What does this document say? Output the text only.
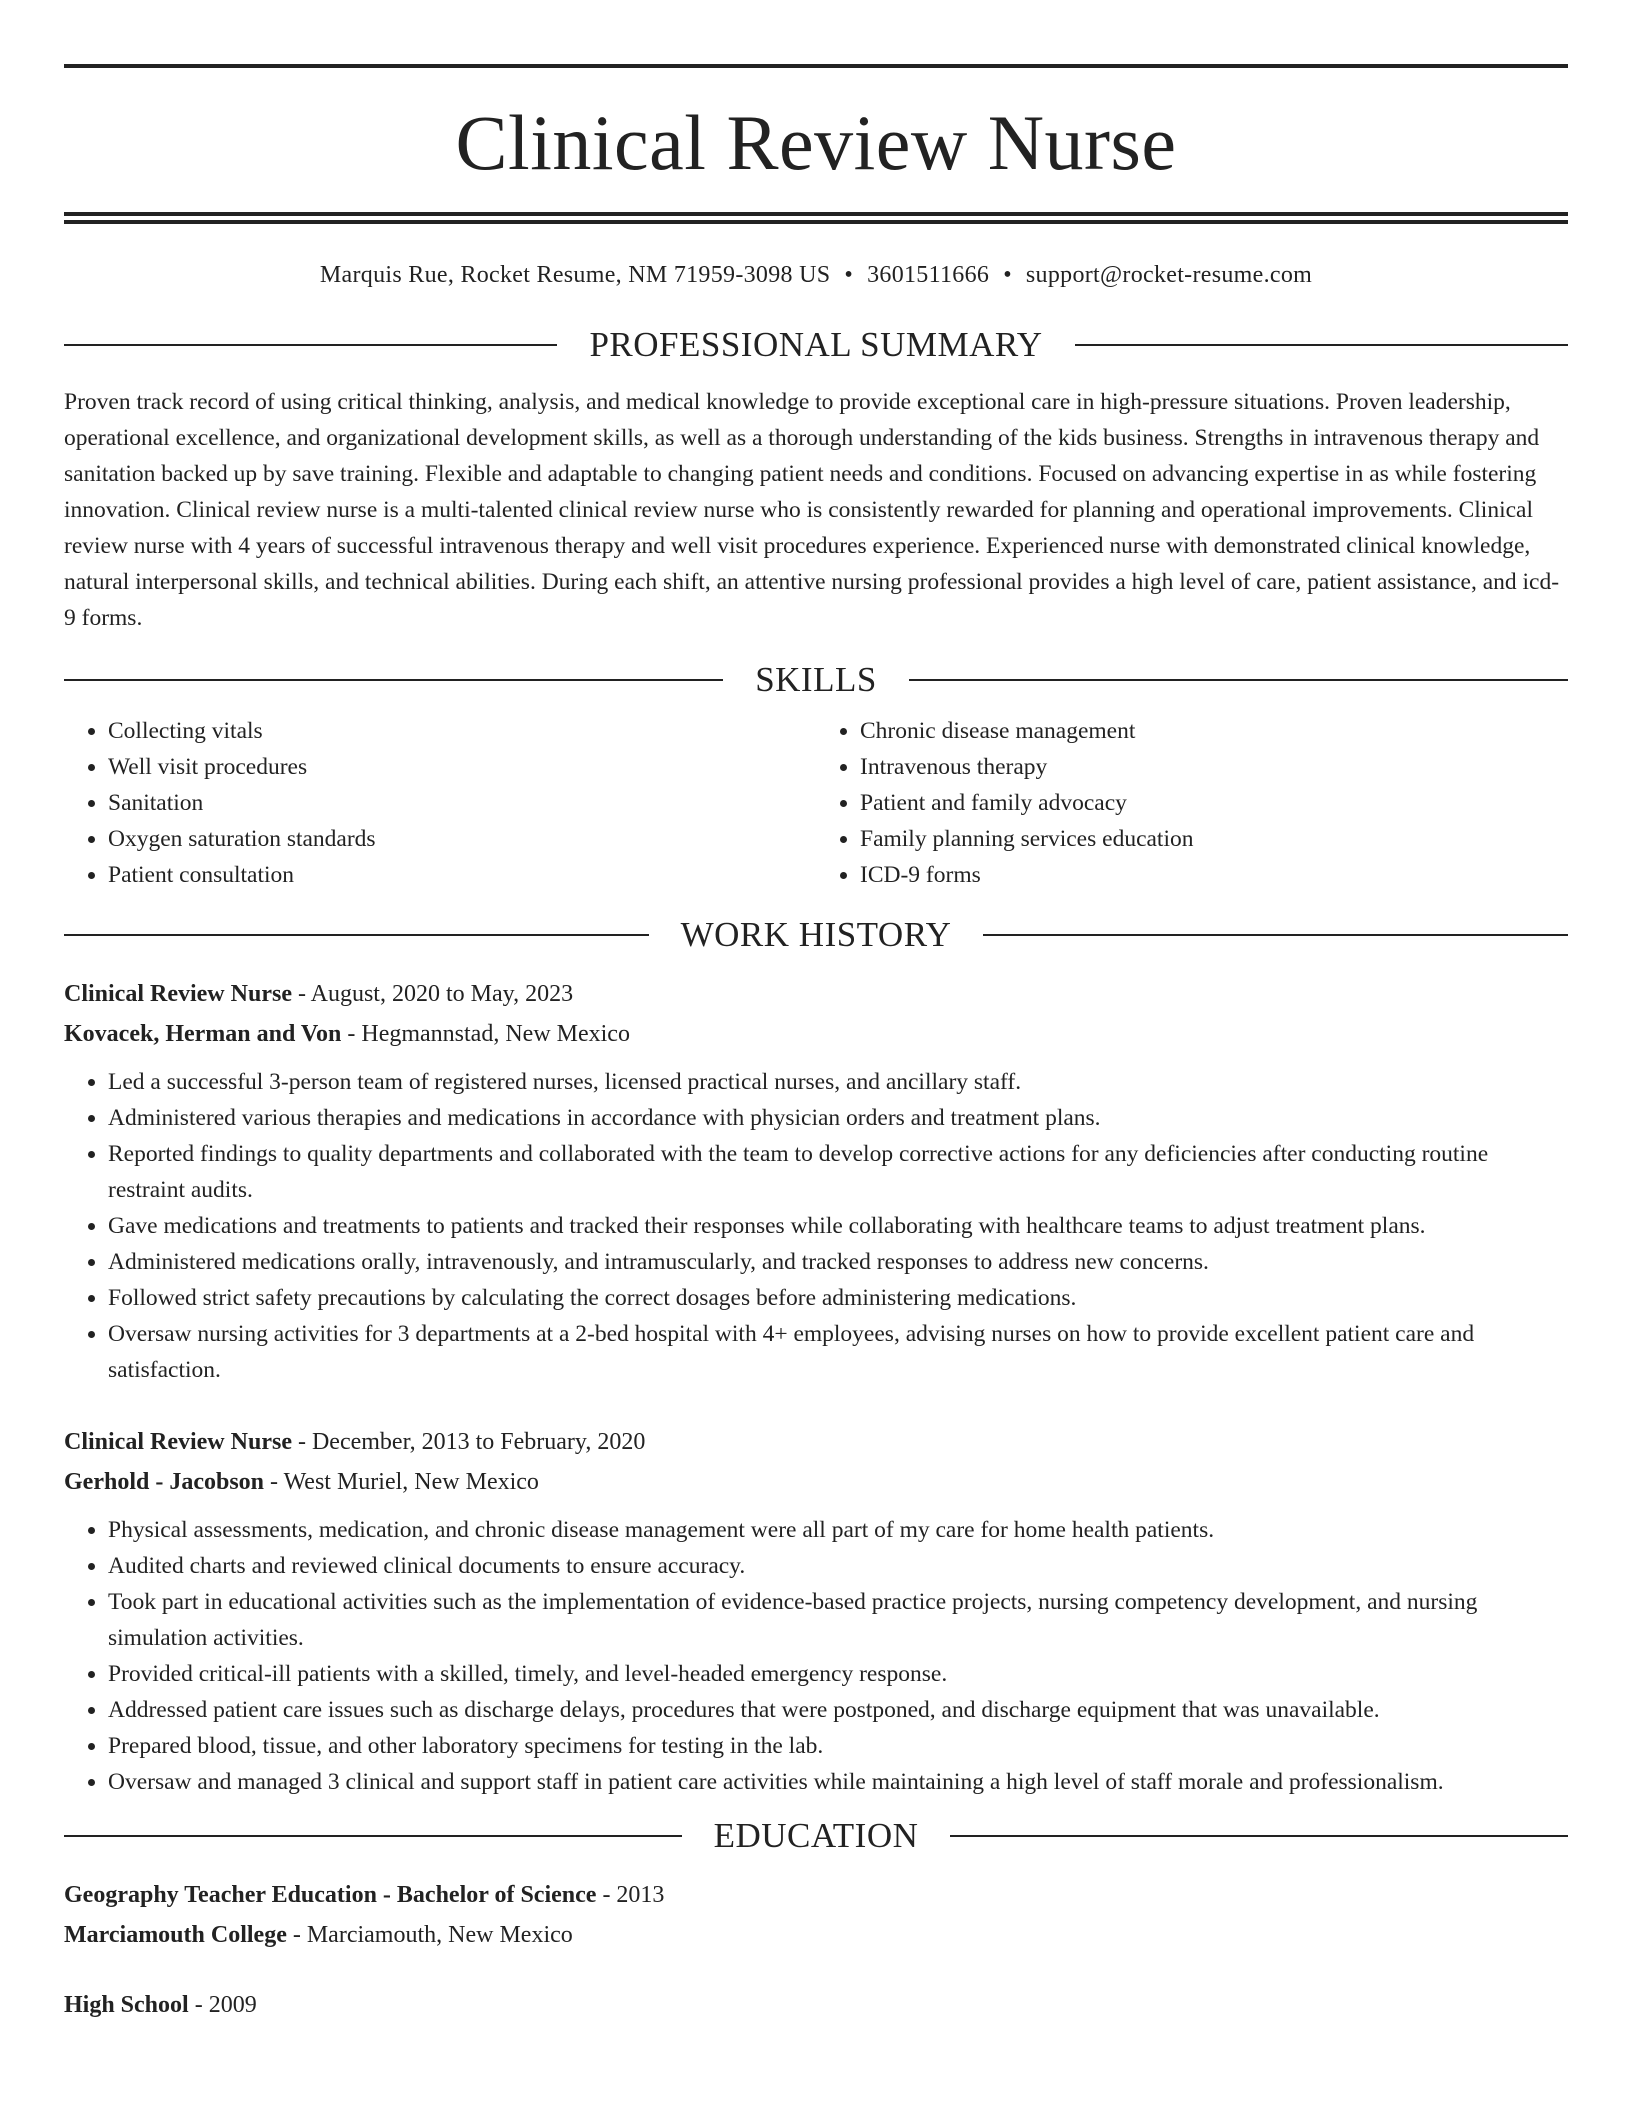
Clinical Review Nurse
Marquis Rue, Rocket Resume, NM 71959-3098 US • 3601511666 • support@rocket-resume.com
PROFESSIONAL SUMMARY

Proven track record of using critical thinking, analysis, and medical knowledge to provide exceptional care in high-pressure situations. Proven leadership, operational excellence, and organizational development skills, as well as a thorough understanding of the kids business. Strengths in intravenous therapy and sanitation backed up by save training. Flexible and adaptable to changing patient needs and conditions. Focused on advancing expertise in as while fostering innovation. Clinical review nurse is a multi-talented clinical review nurse who is consistently rewarded for planning and operational improvements. Clinical review nurse with 4 years of successful intravenous therapy and well visit procedures experience. Experienced nurse with demonstrated clinical knowledge, natural interpersonal skills, and technical abilities. During each shift, an attentive nursing professional provides a high level of care, patient assistance, and icd-9 forms.

SKILLS
• Collecting vitals
• Well visit procedures
• Sanitation
• Oxygen saturation standards
• Patient consultation
• Chronic disease management
• Intravenous therapy
• Patient and family advocacy
• Family planning services education
• ICD-9 forms
WORK HISTORY
Clinical Review Nurse - August, 2020 to May, 2023
Kovacek, Herman and Von - Hegmannstad, New Mexico
• Led a successful 3-person team of registered nurses, licensed practical nurses, and ancillary staff.
• Administered various therapies and medications in accordance with physician orders and treatment plans.
• Reported findings to quality departments and collaborated with the team to develop corrective actions for any deficiencies after conducting routine restraint audits.
• Gave medications and treatments to patients and tracked their responses while collaborating with healthcare teams to adjust treatment plans.
• Administered medications orally, intravenously, and intramuscularly, and tracked responses to address new concerns.
• Followed strict safety precautions by calculating the correct dosages before administering medications.
• Oversaw nursing activities for 3 departments at a 2-bed hospital with 4+ employees, advising nurses on how to provide excellent patient care and satisfaction.
Clinical Review Nurse - December, 2013 to February, 2020
Gerhold - Jacobson - West Muriel, New Mexico
• Physical assessments, medication, and chronic disease management were all part of my care for home health patients.
• Audited charts and reviewed clinical documents to ensure accuracy.
• Took part in educational activities such as the implementation of evidence-based practice projects, nursing competency development, and nursing simulation activities.
• Provided critical-ill patients with a skilled, timely, and level-headed emergency response.
• Addressed patient care issues such as discharge delays, procedures that were postponed, and discharge equipment that was unavailable.
• Prepared blood, tissue, and other laboratory specimens for testing in the lab.
• Oversaw and managed 3 clinical and support staff in patient care activities while maintaining a high level of staff morale and professionalism.
EDUCATION
Geography Teacher Education - Bachelor of Science - 2013
Marciamouth College - Marciamouth, New Mexico
High School - 2009
